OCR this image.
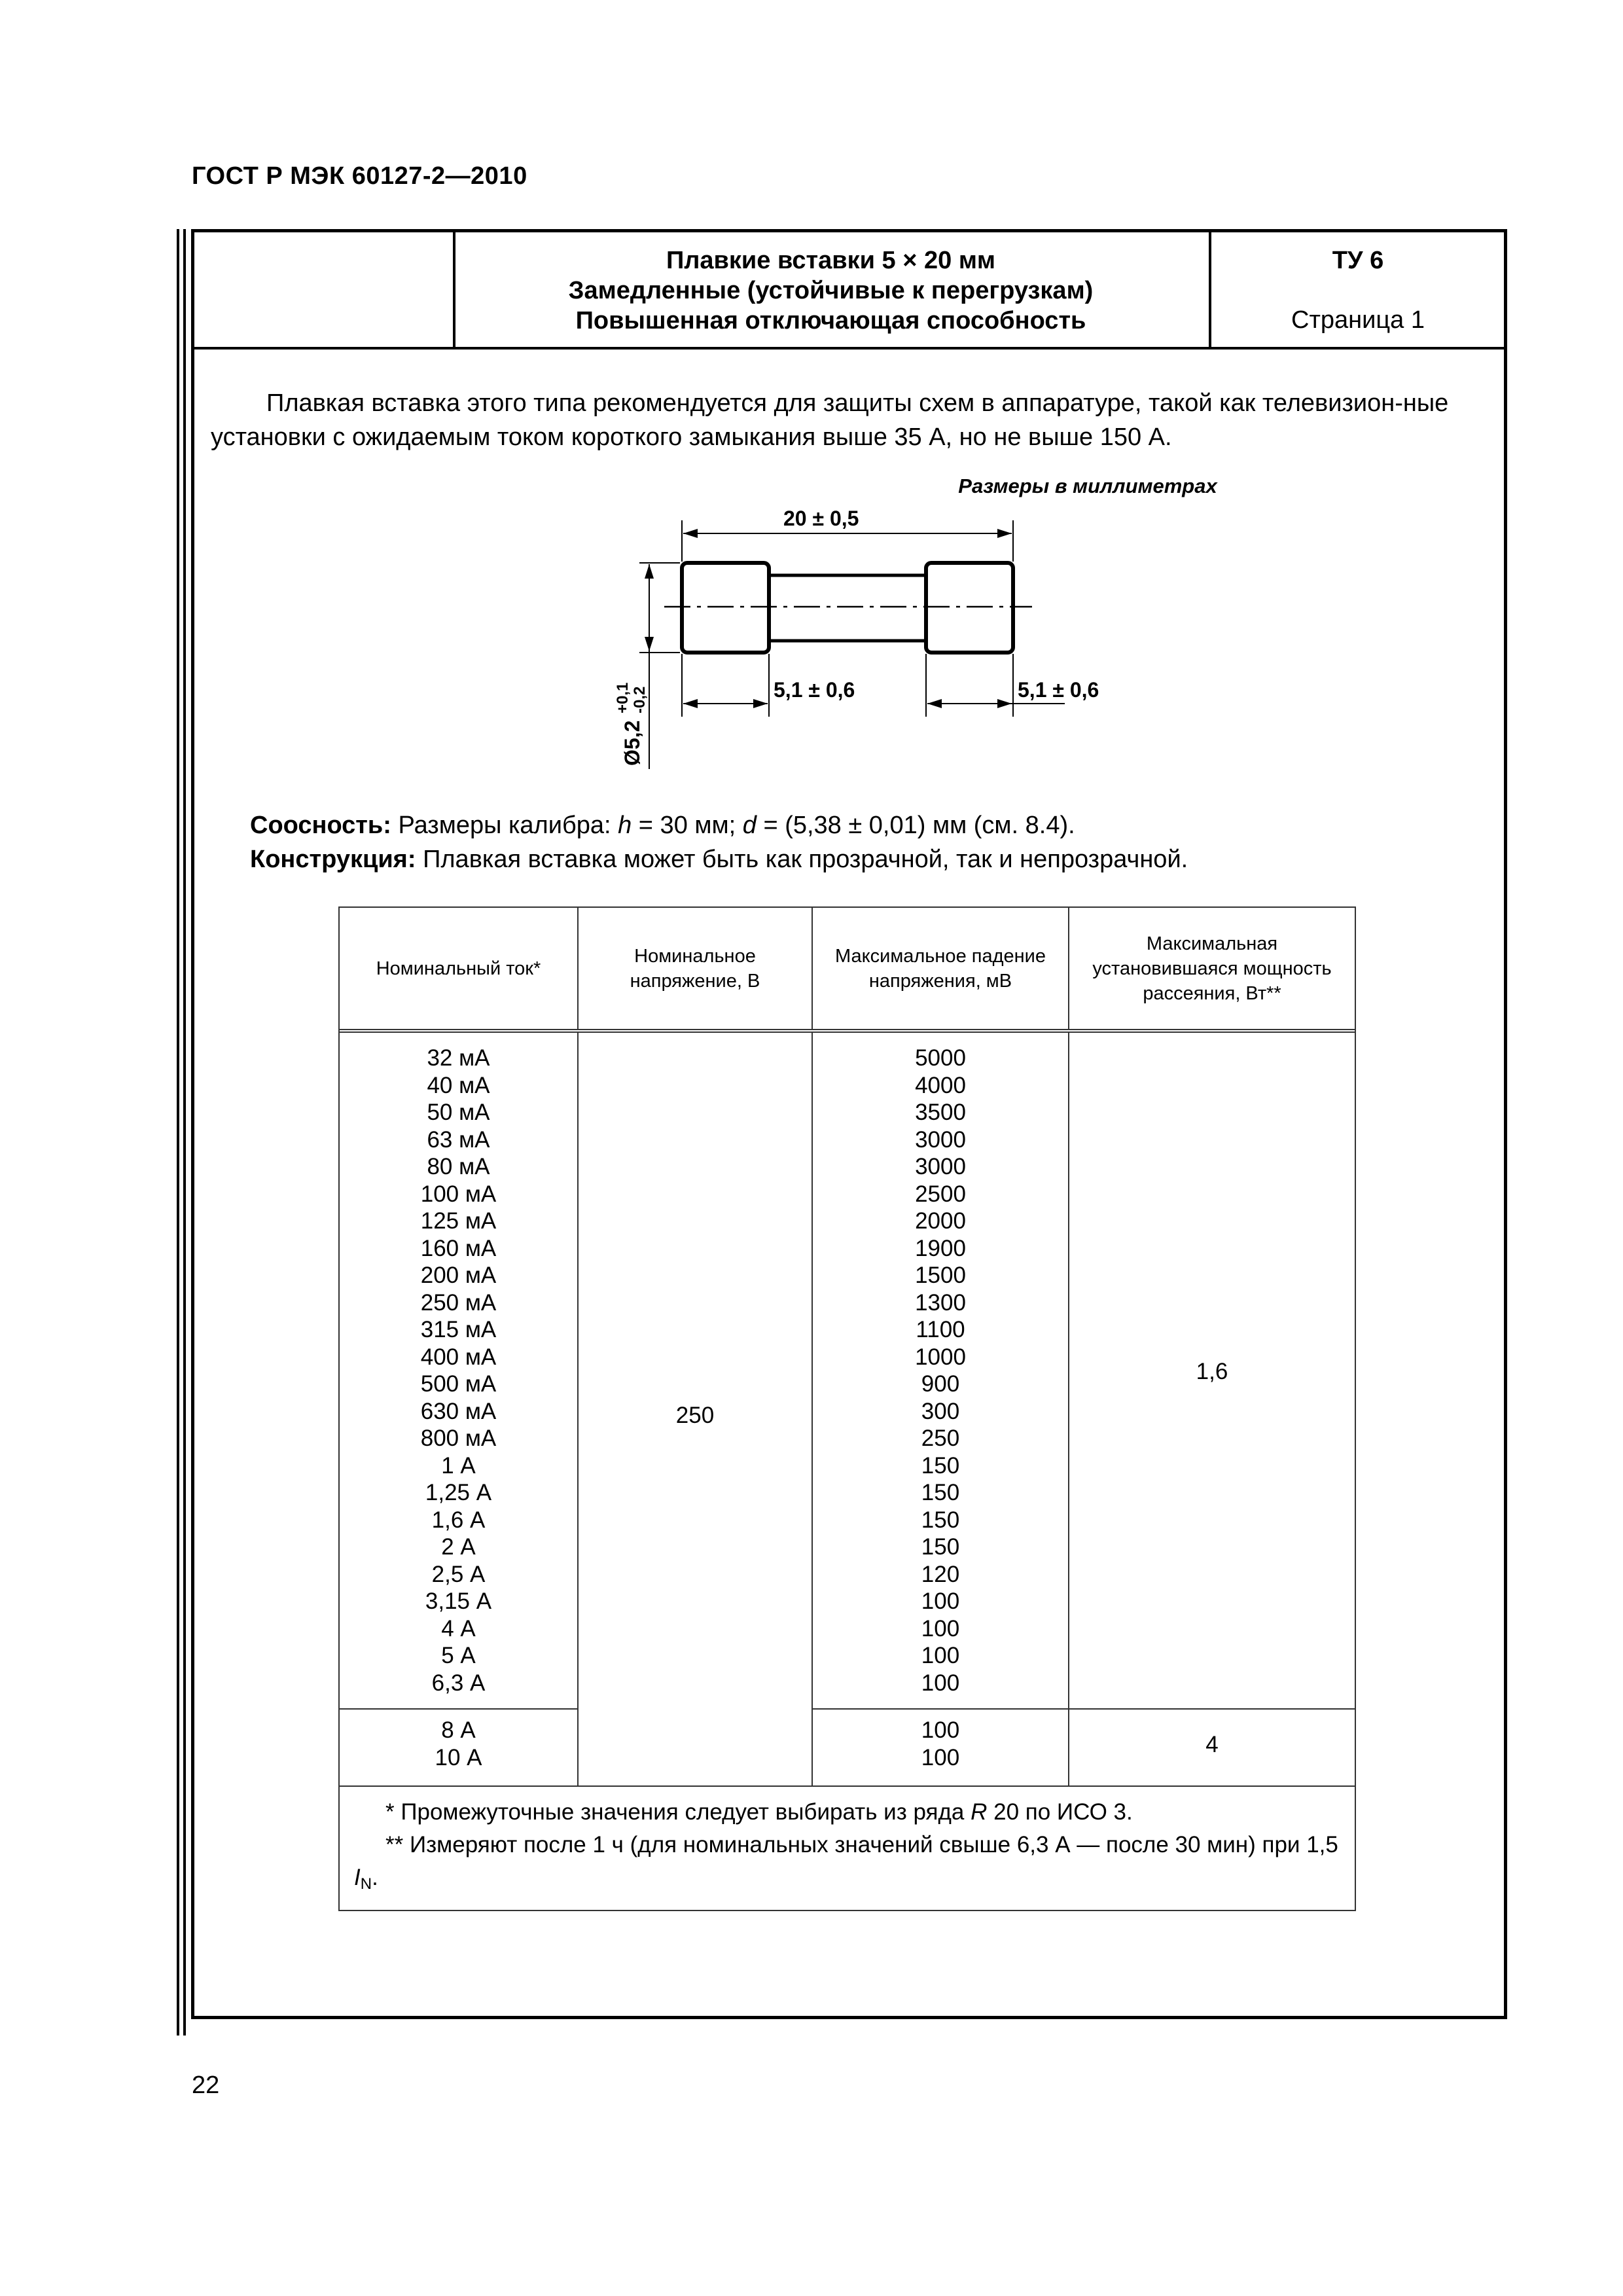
ГОСТ Р МЭК 60127-2—2010
Плавкие вставки 5 × 20 мм
Замедленные (устойчивые к перегрузкам)
Повышенная отключающая способность
ТУ 6
Страница 1
Плавкая вставка этого типа рекомендуется для защиты схем в аппаратуре, такой как телевизион-ные установки с ожидаемым током короткого замыкания выше 35 А, но не выше 150 А.
Размеры в миллиметрах
20 ± 0,5
5,1 ± 0,6	5,1 ± 0,6
Ø5,2
+0,1 -0,2
Соосность: Размеры калибра: h = 30 мм; d = (5,38 ± 0,01) мм (см. 8.4).
Конструкция: Плавкая вставка может быть как прозрачной, так и непрозрачной.
Номинальный ток*
Номинальное напряжение, В
Максимальное падение напряжения, мВ
Максимальная установившаяся мощность рассеяния, Вт**
32 мА
40 мА
50 мА
63 мА
80 мА
100 мА
125 мА
160 мА
200 мА
250 мА
315 мА
400 мА
500 мА
630 мА
800 мА
1 А
1,25 А
1,6 А
2 А
2,5 А
3,15 А
4 А
5 А
6,3 А
8 А
10 А
250
5000
4000
3500
3000
3000
2500
2000
1900
1500
1300
1100
1000
900
300
250
150
150
150
150
120
100
100
100
100
100
100
1,6
4
* Промежуточные значения следует выбирать из ряда R 20 по ИСО 3.
** Измеряют после 1 ч (для номинальных значений свыше 6,3 А — после 30 мин) при 1,5 $I_N$.
22
